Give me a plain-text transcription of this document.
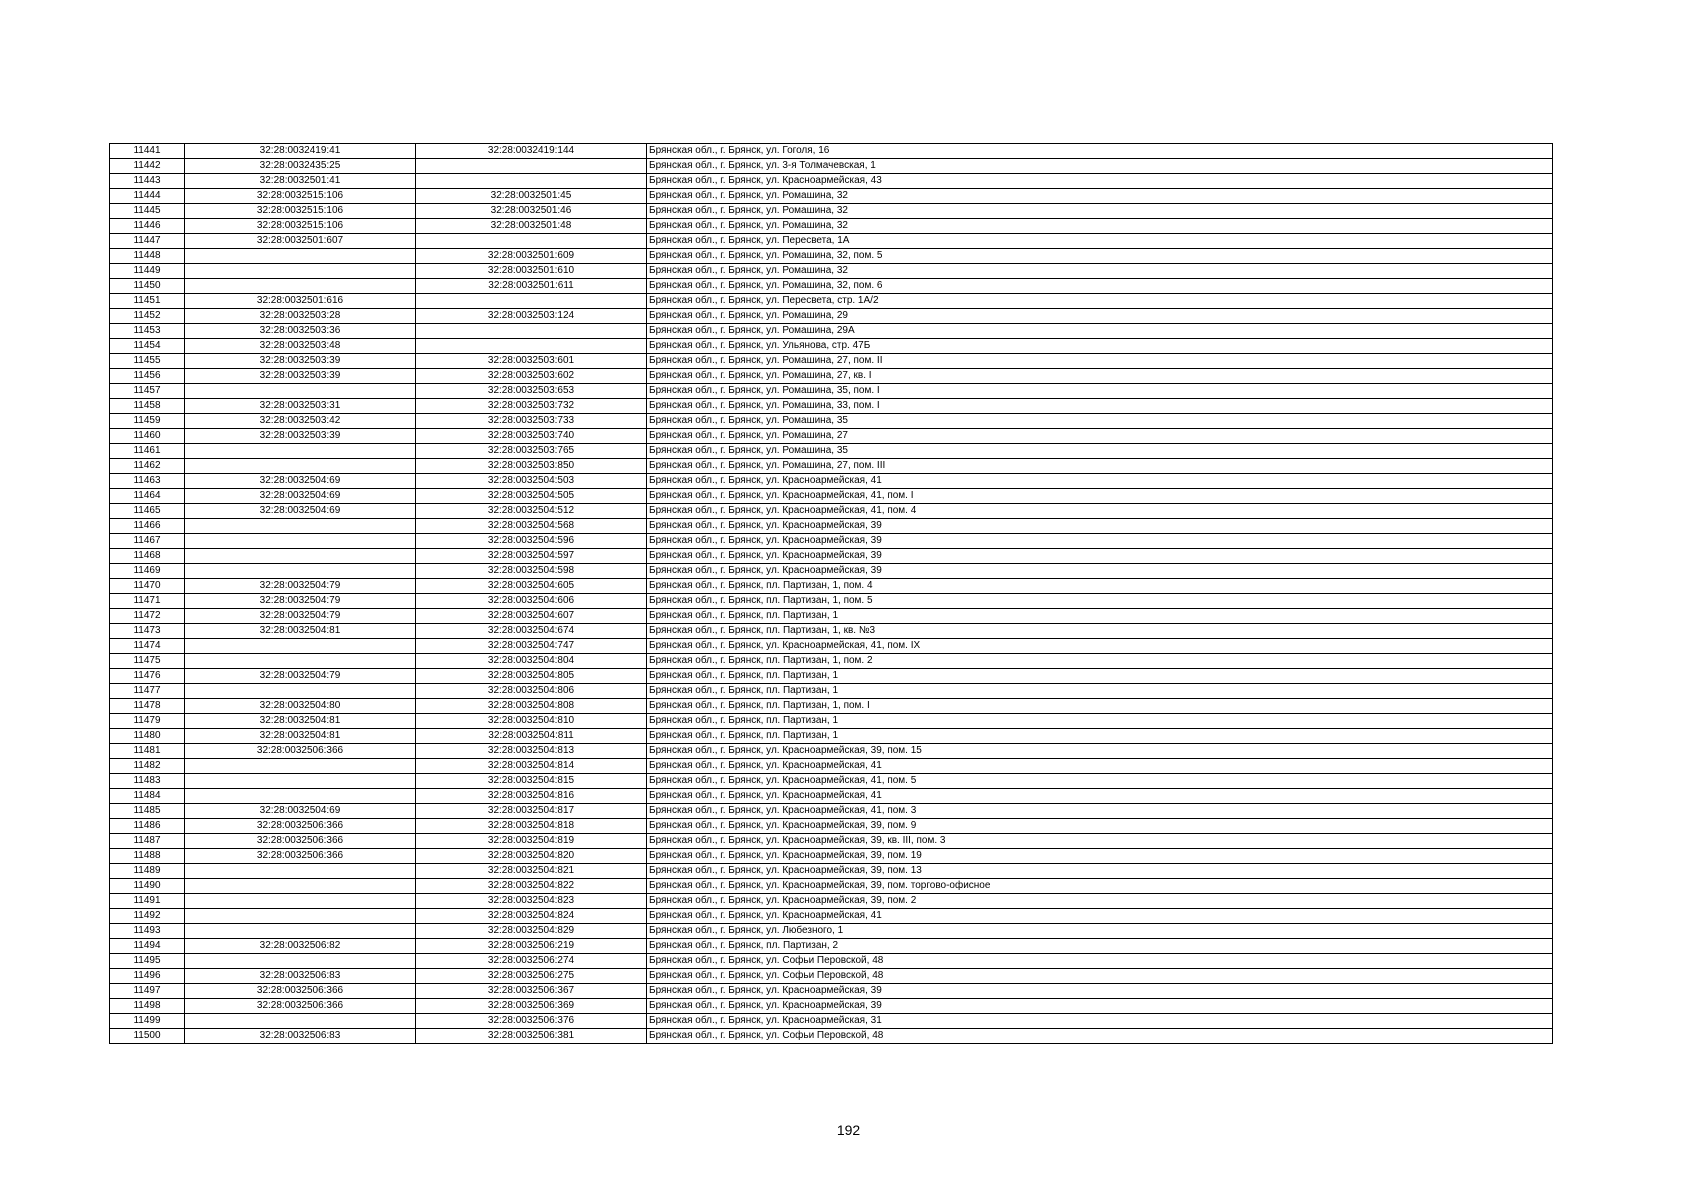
11441	32:28:0032419:41	32:28:0032419:144	Брянская обл., г. Брянск, ул. Гоголя, 16
11442	32:28:0032435:25		Брянская обл., г. Брянск, ул. 3-я Толмачевская, 1
11443	32:28:0032501:41		Брянская обл., г. Брянск, ул. Красноармейская, 43
11444	32:28:0032515:106	32:28:0032501:45	Брянская обл., г. Брянск, ул. Ромашина, 32
11445	32:28:0032515:106	32:28:0032501:46	Брянская обл., г. Брянск, ул. Ромашина, 32
11446	32:28:0032515:106	32:28:0032501:48	Брянская обл., г. Брянск, ул. Ромашина, 32
11447	32:28:0032501:607		Брянская обл., г. Брянск, ул. Пересвета, 1А
11448		32:28:0032501:609	Брянская обл., г. Брянск, ул. Ромашина, 32, пом. 5
11449		32:28:0032501:610	Брянская обл., г. Брянск, ул. Ромашина, 32
11450		32:28:0032501:611	Брянская обл., г. Брянск, ул. Ромашина, 32, пом. 6
11451	32:28:0032501:616		Брянская обл., г. Брянск, ул. Пересвета, стр. 1А/2
11452	32:28:0032503:28	32:28:0032503:124	Брянская обл., г. Брянск, ул. Ромашина, 29
11453	32:28:0032503:36		Брянская обл., г. Брянск, ул. Ромашина, 29А
11454	32:28:0032503:48		Брянская обл., г. Брянск, ул. Ульянова, стр. 47Б
11455	32:28:0032503:39	32:28:0032503:601	Брянская обл., г. Брянск, ул. Ромашина, 27, пом. II
11456	32:28:0032503:39	32:28:0032503:602	Брянская обл., г. Брянск, ул. Ромашина, 27, кв. I
11457		32:28:0032503:653	Брянская обл., г. Брянск, ул. Ромашина, 35, пом. I
11458	32:28:0032503:31	32:28:0032503:732	Брянская обл., г. Брянск, ул. Ромашина, 33, пом. I
11459	32:28:0032503:42	32:28:0032503:733	Брянская обл., г. Брянск, ул. Ромашина, 35
11460	32:28:0032503:39	32:28:0032503:740	Брянская обл., г. Брянск, ул. Ромашина, 27
11461		32:28:0032503:765	Брянская обл., г. Брянск, ул. Ромашина, 35
11462		32:28:0032503:850	Брянская обл., г. Брянск, ул. Ромашина, 27, пом. III
11463	32:28:0032504:69	32:28:0032504:503	Брянская обл., г. Брянск, ул. Красноармейская, 41
11464	32:28:0032504:69	32:28:0032504:505	Брянская обл., г. Брянск, ул. Красноармейская, 41, пом. I
11465	32:28:0032504:69	32:28:0032504:512	Брянская обл., г. Брянск, ул. Красноармейская, 41, пом. 4
11466		32:28:0032504:568	Брянская обл., г. Брянск, ул. Красноармейская, 39
11467		32:28:0032504:596	Брянская обл., г. Брянск, ул. Красноармейская, 39
11468		32:28:0032504:597	Брянская обл., г. Брянск, ул. Красноармейская, 39
11469		32:28:0032504:598	Брянская обл., г. Брянск, ул. Красноармейская, 39
11470	32:28:0032504:79	32:28:0032504:605	Брянская обл., г. Брянск, пл. Партизан, 1, пом. 4
11471	32:28:0032504:79	32:28:0032504:606	Брянская обл., г. Брянск, пл. Партизан, 1, пом. 5
11472	32:28:0032504:79	32:28:0032504:607	Брянская обл., г. Брянск, пл. Партизан, 1
11473	32:28:0032504:81	32:28:0032504:674	Брянская обл., г. Брянск, пл. Партизан, 1, кв. №3
11474		32:28:0032504:747	Брянская обл., г. Брянск, ул. Красноармейская, 41, пом. IX
11475		32:28:0032504:804	Брянская обл., г. Брянск, пл. Партизан, 1, пом. 2
11476	32:28:0032504:79	32:28:0032504:805	Брянская обл., г. Брянск, пл. Партизан, 1
11477		32:28:0032504:806	Брянская обл., г. Брянск, пл. Партизан, 1
11478	32:28:0032504:80	32:28:0032504:808	Брянская обл., г. Брянск, пл. Партизан, 1, пом. I
11479	32:28:0032504:81	32:28:0032504:810	Брянская обл., г. Брянск, пл. Партизан, 1
11480	32:28:0032504:81	32:28:0032504:811	Брянская обл., г. Брянск, пл. Партизан, 1
11481	32:28:0032506:366	32:28:0032504:813	Брянская обл., г. Брянск, ул. Красноармейская, 39, пом. 15
11482		32:28:0032504:814	Брянская обл., г. Брянск, ул. Красноармейская, 41
11483		32:28:0032504:815	Брянская обл., г. Брянск, ул. Красноармейская, 41, пом. 5
11484		32:28:0032504:816	Брянская обл., г. Брянск, ул. Красноармейская, 41
11485	32:28:0032504:69	32:28:0032504:817	Брянская обл., г. Брянск, ул. Красноармейская, 41, пом. 3
11486	32:28:0032506:366	32:28:0032504:818	Брянская обл., г. Брянск, ул. Красноармейская, 39, пом. 9
11487	32:28:0032506:366	32:28:0032504:819	Брянская обл., г. Брянск, ул. Красноармейская, 39, кв. III, пом. 3
11488	32:28:0032506:366	32:28:0032504:820	Брянская обл., г. Брянск, ул. Красноармейская, 39, пом. 19
11489		32:28:0032504:821	Брянская обл., г. Брянск, ул. Красноармейская, 39, пом. 13
11490		32:28:0032504:822	Брянская обл., г. Брянск, ул. Красноармейская, 39, пом. торгово-офисное
11491		32:28:0032504:823	Брянская обл., г. Брянск, ул. Красноармейская, 39, пом. 2
11492		32:28:0032504:824	Брянская обл., г. Брянск, ул. Красноармейская, 41
11493		32:28:0032504:829	Брянская обл., г. Брянск, ул. Любезного, 1
11494	32:28:0032506:82	32:28:0032506:219	Брянская обл., г. Брянск, пл. Партизан, 2
11495		32:28:0032506:274	Брянская обл., г. Брянск, ул. Софьи Перовской, 48
11496	32:28:0032506:83	32:28:0032506:275	Брянская обл., г. Брянск, ул. Софьи Перовской, 48
11497	32:28:0032506:366	32:28:0032506:367	Брянская обл., г. Брянск, ул. Красноармейская, 39
11498	32:28:0032506:366	32:28:0032506:369	Брянская обл., г. Брянск, ул. Красноармейская, 39
11499		32:28:0032506:376	Брянская обл., г. Брянск, ул. Красноармейская, 31
11500	32:28:0032506:83	32:28:0032506:381	Брянская обл., г. Брянск, ул. Софьи Перовской, 48
192
